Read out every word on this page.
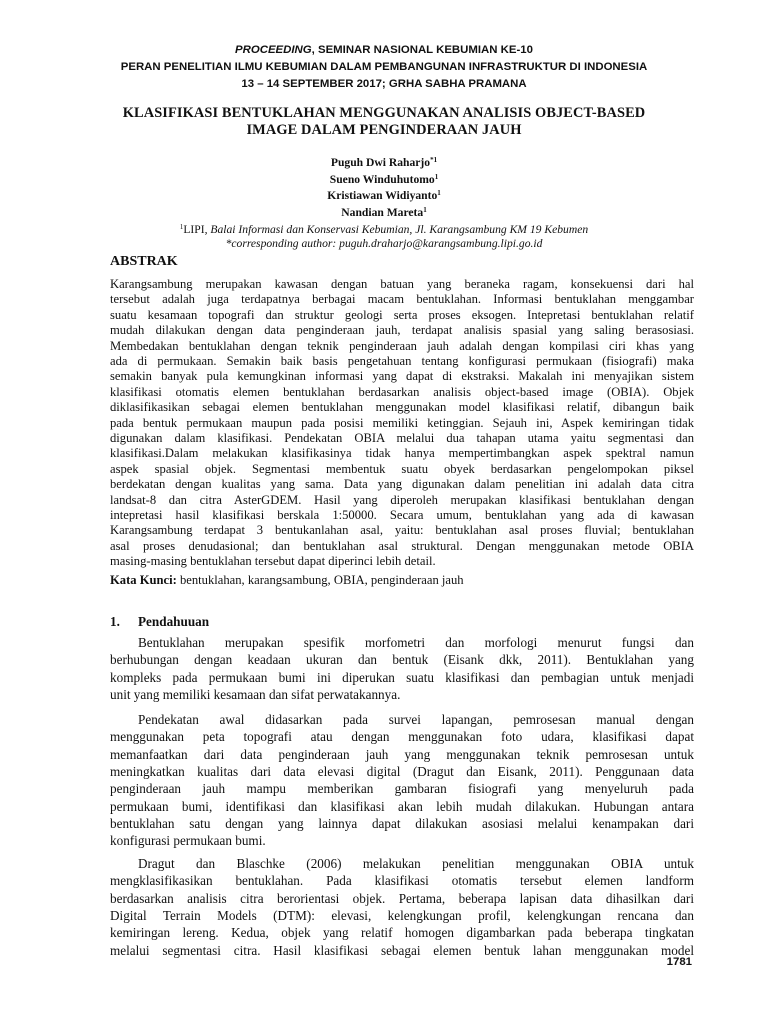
PROCEEDING, SEMINAR NASIONAL KEBUMIAN KE-10
PERAN PENELITIAN ILMU KEBUMIAN DALAM PEMBANGUNAN INFRASTRUKTUR DI INDONESIA
13 – 14 SEPTEMBER 2017; GRHA SABHA PRAMANA
KLASIFIKASI BENTUKLAHAN MENGGUNAKAN ANALISIS OBJECT-BASED
IMAGE DALAM PENGINDERAAN JAUH
Puguh Dwi Raharjo$^{*1}$
Sueno Winduhutomo$^1$
Kristiawan Widiyanto$^1$
Nandian Mareta$^1$
$^1$LIPI, Balai Informasi dan Konservasi Kebumian, Jl. Karangsambung KM 19 Kebumen
*corresponding author: puguh.draharjo@karangsambung.lipi.go.id
ABSTRAK
Karangsambung merupakan kawasan dengan batuan yang beraneka ragam, konsekuensi dari hal
tersebut adalah juga terdapatnya berbagai macam bentuklahan. Informasi bentuklahan menggambar
suatu kesamaan topografi dan struktur geologi serta proses eksogen. Intepretasi bentuklahan relatif
mudah dilakukan dengan data penginderaan jauh, terdapat analisis spasial yang saling berasosiasi.
Membedakan bentuklahan dengan teknik penginderaan jauh adalah dengan kompilasi ciri khas yang
ada di permukaan. Semakin baik basis pengetahuan tentang konfigurasi permukaan (fisiografi) maka
semakin banyak pula kemungkinan informasi yang dapat di ekstraksi. Makalah ini menyajikan sistem
klasifikasi otomatis elemen bentuklahan berdasarkan analisis object-based image (OBIA). Objek
diklasifikasikan sebagai elemen bentuklahan menggunakan model klasifikasi relatif, dibangun baik
pada bentuk permukaan maupun pada posisi memiliki ketinggian. Sejauh ini, Aspek kemiringan tidak
digunakan dalam klasifikasi. Pendekatan OBIA melalui dua tahapan utama yaitu segmentasi dan
klasifikasi.Dalam melakukan klasifikasinya tidak hanya mempertimbangkan aspek spektral namun
aspek spasial objek. Segmentasi membentuk suatu obyek berdasarkan pengelompokan piksel
berdekatan dengan kualitas yang sama. Data yang digunakan dalam penelitian ini adalah data citra
landsat-8 dan citra AsterGDEM. Hasil yang diperoleh merupakan klasifikasi bentuklahan dengan
intepretasi hasil klasifikasi berskala 1:50000. Secara umum, bentuklahan yang ada di kawasan
Karangsambung terdapat 3 bentukanlahan asal, yaitu: bentuklahan asal proses fluvial; bentuklahan
asal proses denudasional; dan bentuklahan asal struktural. Dengan menggunakan metode OBIA
masing-masing bentuklahan tersebut dapat diperinci lebih detail.
Kata Kunci: bentuklahan, karangsambung, OBIA, penginderaan jauh
1. Pendahuuan
Bentuklahan merupakan spesifik morfometri dan morfologi menurut fungsi dan
berhubungan dengan keadaan ukuran dan bentuk (Eisank dkk, 2011). Bentuklahan yang
kompleks pada permukaan bumi ini diperukan suatu klasifikasi dan pembagian untuk menjadi
unit yang memiliki kesamaan dan sifat perwatakannya.
Pendekatan awal didasarkan pada survei lapangan, pemrosesan manual dengan
menggunakan peta topografi atau dengan menggunakan foto udara, klasifikasi dapat
memanfaatkan dari data penginderaan jauh yang menggunakan teknik pemrosesan untuk
meningkatkan kualitas dari data elevasi digital (Dragut dan Eisank, 2011). Penggunaan data
penginderaan jauh mampu memberikan gambaran fisiografi yang menyeluruh pada
permukaan bumi, identifikasi dan klasifikasi akan lebih mudah dilakukan. Hubungan antara
bentuklahan satu dengan yang lainnya dapat dilakukan asosiasi melalui kenampakan dari
konfigurasi permukaan bumi.
Dragut dan Blaschke (2006) melakukan penelitian menggunakan OBIA untuk
mengklasifikasikan bentuklahan. Pada klasifikasi otomatis tersebut elemen landform
berdasarkan analisis citra berorientasi objek. Pertama, beberapa lapisan data dihasilkan dari
Digital Terrain Models (DTM): elevasi, kelengkungan profil, kelengkungan rencana dan
kemiringan lereng. Kedua, objek yang relatif homogen digambarkan pada beberapa tingkatan
melalui segmentasi citra. Hasil klasifikasi sebagai elemen bentuk lahan menggunakan model
1781
